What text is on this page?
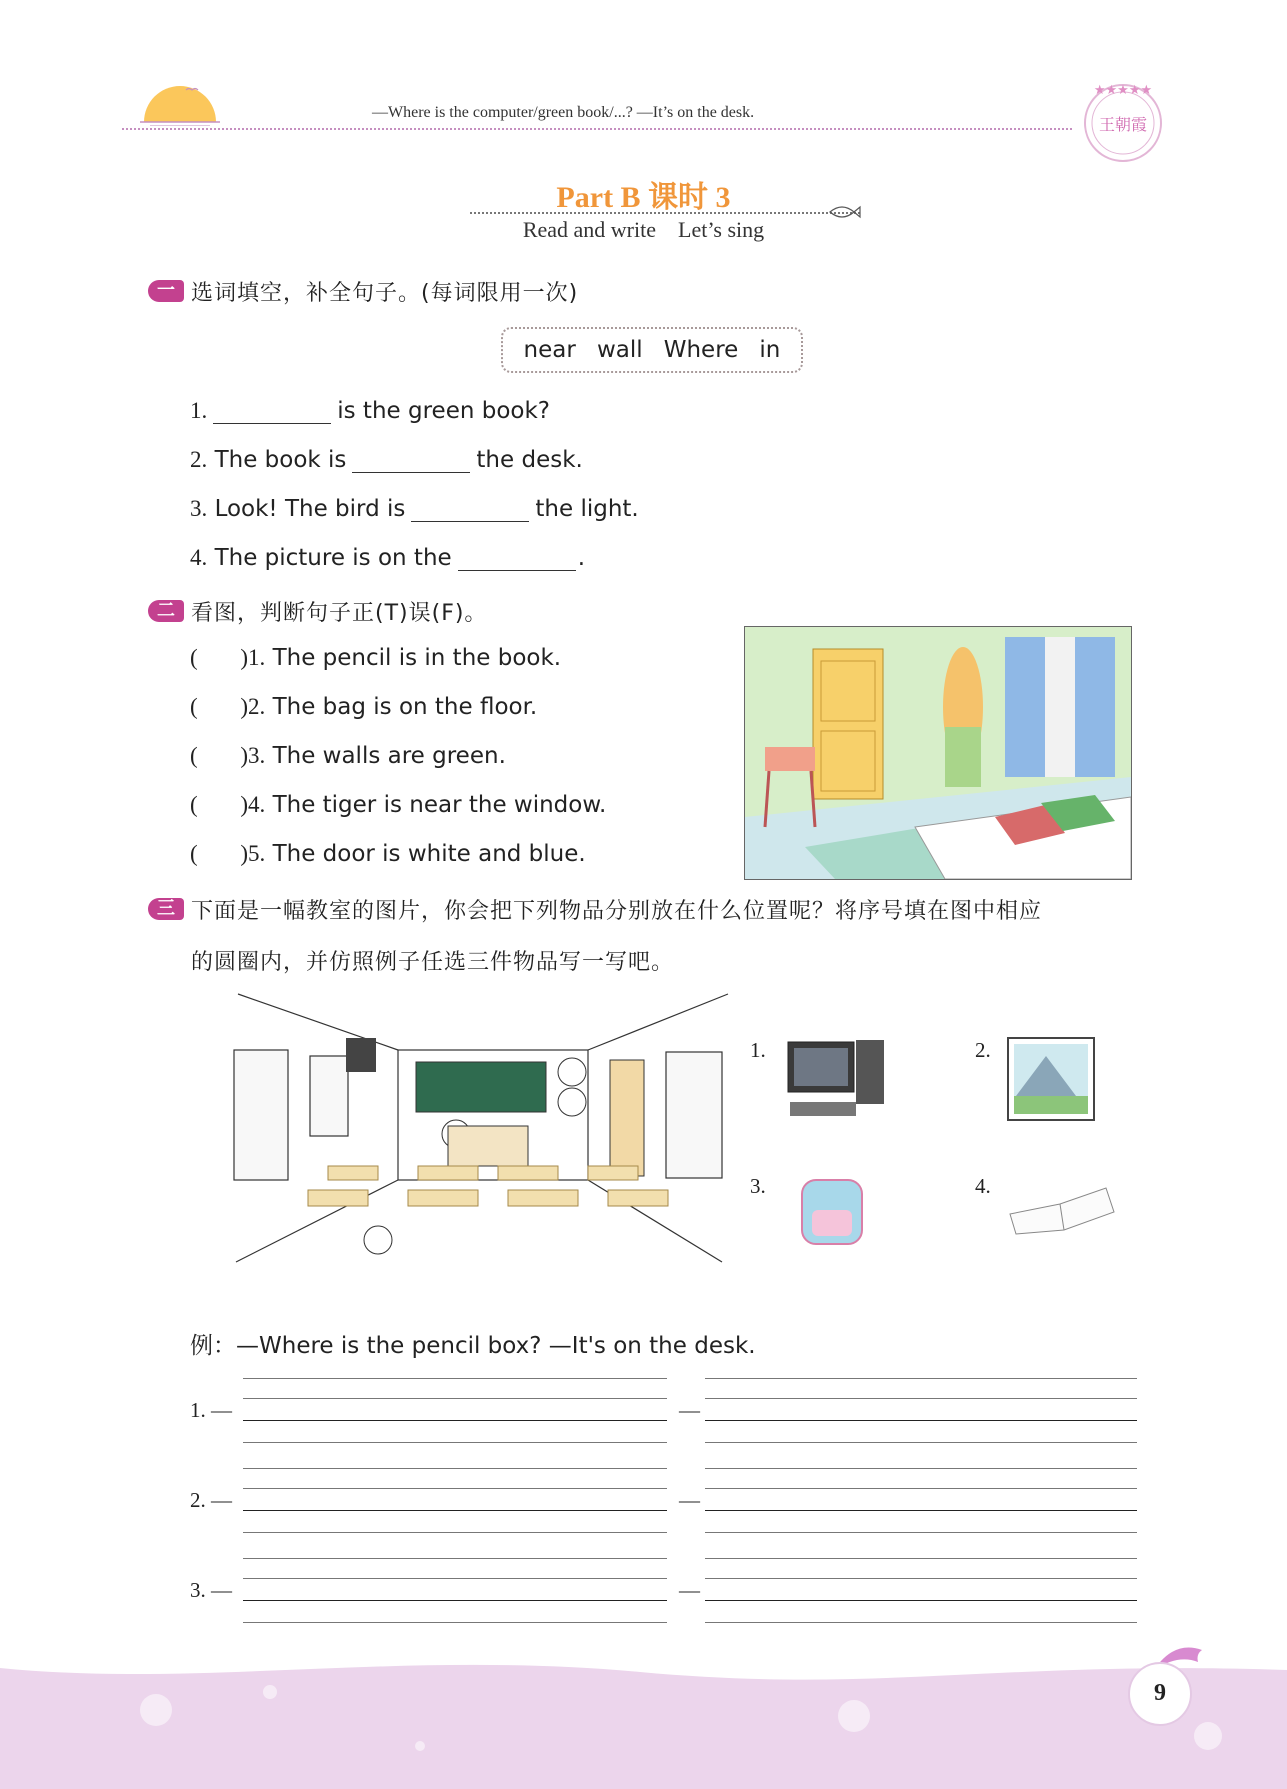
—Where is the computer/green book/...? —It’s on the desk.
★★★★★
王朝霞
Part B 课时 3
Read and write    Let’s sing
一 选词填空，补全句子。(每词限用一次)
near wall Where in
1.	is the green book?
2. The book is	the desk.
3. Look! The bird is	the light.
4. The picture is on the	.
二 看图，判断句子正(T)误(F)。
( ) 1. The pencil is in the book.
( ) 2. The bag is on the floor.
( ) 3. The walls are green.
( ) 4. The tiger is near the window.
( ) 5. The door is white and blue.
三 下面是一幅教室的图片，你会把下列物品分别放在什么位置呢？将序号填在图中相应
的圆圈内，并仿照例子任选三件物品写一写吧。
1.	2.
3.	4.
例：—Where is the pencil box? —It's on the desk.
1. —	—
2. —	—
3. —	—
9
